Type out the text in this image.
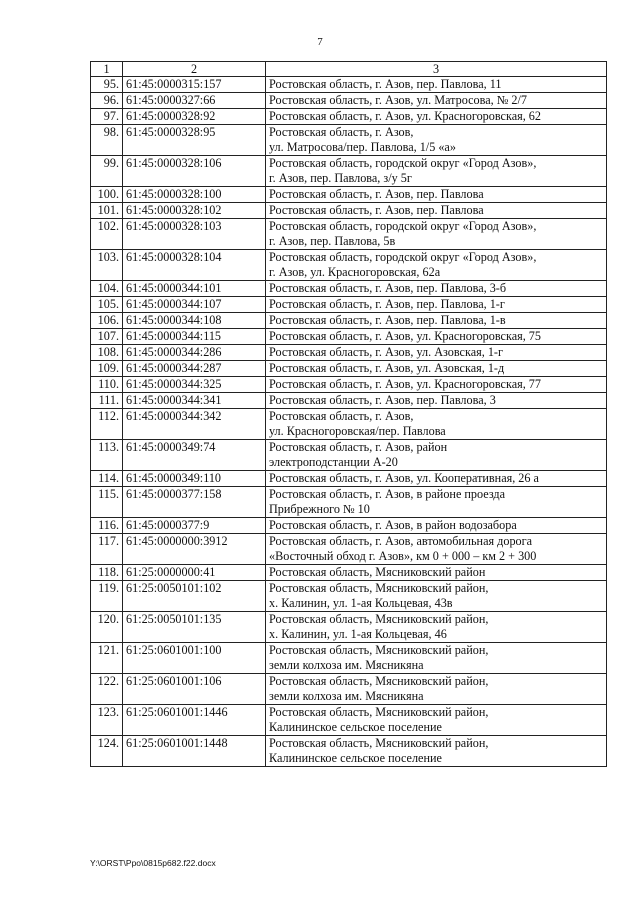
7
1	2	3
95.	61:45:0000315:157	Ростовская область, г. Азов, пер. Павлова, 11
96.	61:45:0000327:66	Ростовская область, г. Азов, ул. Матросова, № 2/7
97.	61:45:0000328:92	Ростовская область, г. Азов, ул. Красногоровская, 62
98.	61:45:0000328:95	Ростовская область, г. Азов,
ул. Матросова/пер. Павлова, 1/5 «а»
99.	61:45:0000328:106	Ростовская область, городской округ «Город Азов»,
г. Азов, пер. Павлова, з/у 5г
100.	61:45:0000328:100	Ростовская область, г. Азов, пер. Павлова
101.	61:45:0000328:102	Ростовская область, г. Азов, пер. Павлова
102.	61:45:0000328:103	Ростовская область, городской округ «Город Азов»,
г. Азов, пер. Павлова, 5в
103.	61:45:0000328:104	Ростовская область, городской округ «Город Азов»,
г. Азов, ул. Красногоровская, 62а
104.	61:45:0000344:101	Ростовская область, г. Азов, пер. Павлова, 3-б
105.	61:45:0000344:107	Ростовская область, г. Азов, пер. Павлова, 1-г
106.	61:45:0000344:108	Ростовская область, г. Азов, пер. Павлова, 1-в
107.	61:45:0000344:115	Ростовская область, г. Азов, ул. Красногоровская, 75
108.	61:45:0000344:286	Ростовская область, г. Азов, ул. Азовская, 1-г
109.	61:45:0000344:287	Ростовская область, г. Азов, ул. Азовская, 1-д
110.	61:45:0000344:325	Ростовская область, г. Азов, ул. Красногоровская, 77
111.	61:45:0000344:341	Ростовская область, г. Азов, пер. Павлова, 3
112.	61:45:0000344:342	Ростовская область, г. Азов,
ул. Красногоровская/пер. Павлова
113.	61:45:0000349:74	Ростовская область, г. Азов, район
электроподстанции А-20
114.	61:45:0000349:110	Ростовская область, г. Азов, ул. Кооперативная, 26 а
115.	61:45:0000377:158	Ростовская область, г. Азов, в районе проезда
Прибрежного № 10
116.	61:45:0000377:9	Ростовская область, г. Азов, в район водозабора
117.	61:45:0000000:3912	Ростовская область, г. Азов, автомобильная дорога
«Восточный обход г. Азов», км 0 + 000 – км 2 + 300
118.	61:25:0000000:41	Ростовская область, Мясниковский район
119.	61:25:0050101:102	Ростовская область, Мясниковский район,
х. Калинин, ул. 1-ая Кольцевая, 43в
120.	61:25:0050101:135	Ростовская область, Мясниковский район,
х. Калинин, ул. 1-ая Кольцевая, 46
121.	61:25:0601001:100	Ростовская область, Мясниковский район,
земли колхоза им. Мясникяна
122.	61:25:0601001:106	Ростовская область, Мясниковский район,
земли колхоза им. Мясникяна
123.	61:25:0601001:1446	Ростовская область, Мясниковский район,
Калининское сельское поселение
124.	61:25:0601001:1448	Ростовская область, Мясниковский район,
Калининское сельское поселение
Y:\ORST\Ppo\0815p682.f22.docx
